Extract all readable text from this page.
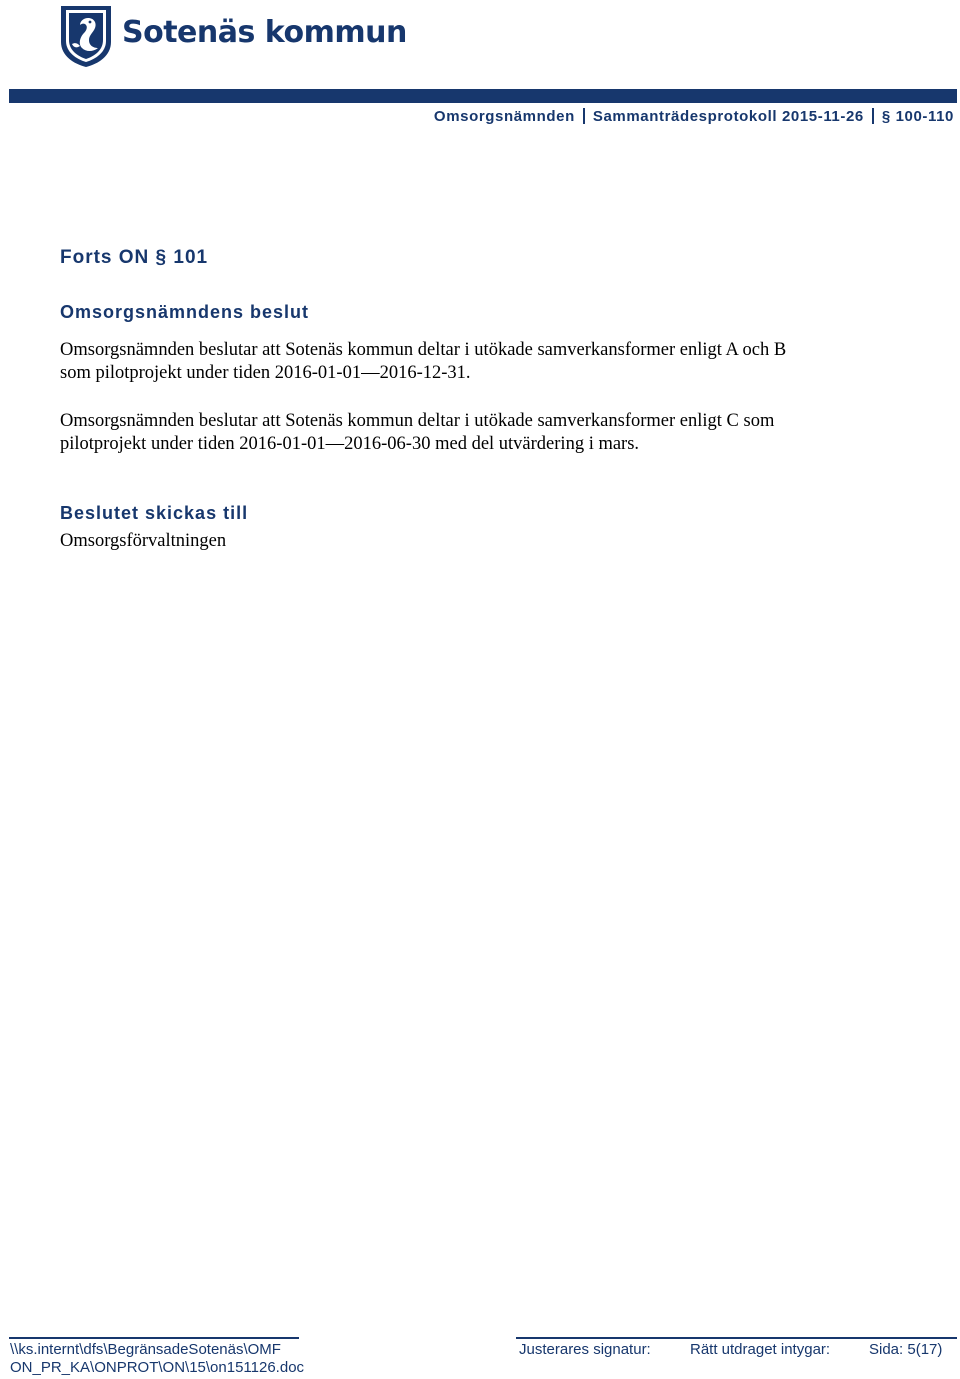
Sotenäs kommun
Omsorgsnämnden Sammanträdesprotokoll 2015-11-26 § 100-110
Forts ON § 101
Omsorgsnämndens beslut
Omsorgsnämnden beslutar att Sotenäs kommun deltar i utökade samverkansformer enligt A och B
som pilotprojekt under tiden 2016-01-01—2016-12-31.
Omsorgsnämnden beslutar att Sotenäs kommun deltar i utökade samverkansformer enligt C som
pilotprojekt under tiden 2016-01-01—2016-06-30 med del utvärdering i mars.
Beslutet skickas till
Omsorgsförvaltningen
\\ks.internt\dfs\BegränsadeSotenäs\OMF
ON_PR_KA\ONPROT\ON\15\on151126.doc
Justerares signatur:	Rätt utdraget intygar:	Sida: 5(17)
